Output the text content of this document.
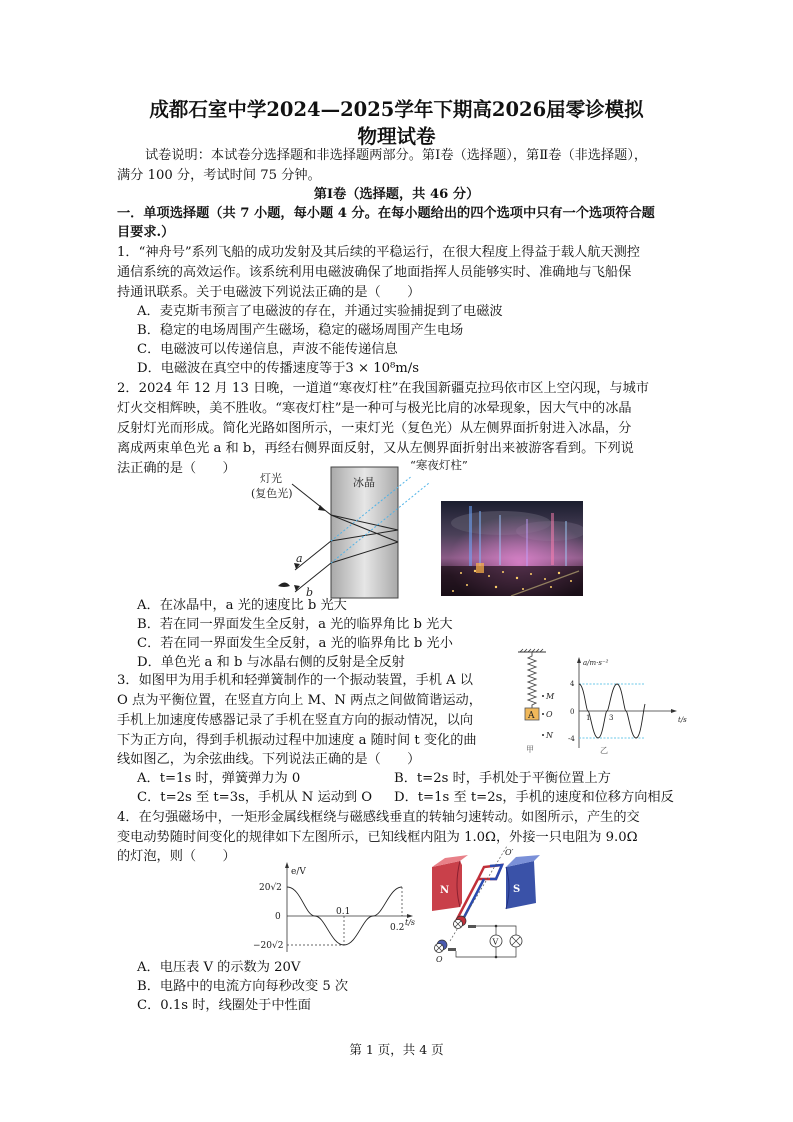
成都石室中学2024—2025学年下期高2026届零诊模拟
物理试卷
试卷说明：本试卷分选择题和非选择题两部分。第Ⅰ卷（选择题），第Ⅱ卷（非选择题），
满分 100 分，考试时间 75 分钟。
第Ⅰ卷（选择题，共 46 分）
一．单项选择题（共 7 小题，每小题 4 分。在每小题给出的四个选项中只有一个选项符合题
目要求.）
1．“神舟号”系列飞船的成功发射及其后续的平稳运行，在很大程度上得益于载人航天测控
通信系统的高效运作。该系统利用电磁波确保了地面指挥人员能够实时、准确地与飞船保
持通讯联系。关于电磁波下列说法正确的是（　　）
A．麦克斯韦预言了电磁波的存在，并通过实验捕捉到了电磁波
B．稳定的电场周围产生磁场，稳定的磁场周围产生电场
C．电磁波可以传递信息，声波不能传递信息
D．电磁波在真空中的传播速度等于3 × 10⁸m/s
2．2024 年 12 月 13 日晚，一道道“寒夜灯柱”在我国新疆克拉玛依市区上空闪现，与城市
灯火交相辉映，美不胜收。“寒夜灯柱”是一种可与极光比肩的冰晕现象，因大气中的冰晶
反射灯光而形成。简化光路如图所示，一束灯光（复色光）从左侧界面折射进入冰晶，分
离成两束单色光 a 和 b，再经右侧界面反射，又从左侧界面折射出来被游客看到。下列说
法正确的是（　　）
冰晶
灯光
(复色光)
a
b
“寒夜灯柱”
A．在冰晶中，a 光的速度比 b 光大
B．若在同一界面发生全反射，a 光的临界角比 b 光大
C．若在同一界面发生全反射，a 光的临界角比 b 光小
D．单色光 a 和 b 与冰晶右侧的反射是全反射
3．如图甲为用手机和轻弹簧制作的一个振动装置，手机 A 以
O 点为平衡位置，在竖直方向上 M、N 两点之间做简谐运动，
手机上加速度传感器记录了手机在竖直方向的振动情况，以向
下为正方向，得到手机振动过程中加速度 a 随时间 t 变化的曲
线如图乙，为余弦曲线。下列说法正确的是（　　）
A
M
O
N
甲
a/m·s⁻²
t/s
4
0
-4
1	3
乙
A．t=1s 时，弹簧弹力为 0	B．t=2s 时，手机处于平衡位置上方
C．t=2s 至 t=3s，手机从 N 运动到 O D．t=1s 至 t=2s，手机的速度和位移方向相反
4．在匀强磁场中，一矩形金属线框绕与磁感线垂直的转轴匀速转动。如图所示，产生的交
变电动势随时间变化的规律如下左图所示，已知线框内阻为 1.0Ω，外接一只电阻为 9.0Ω
的灯泡，则（　　）
e/V
t/s
20√2
0
−20√2
0.1
0.2
N	S
O′
O
V
A．电压表 V 的示数为 20V
B．电路中的电流方向每秒改变 5 次
C．0.1s 时，线圈处于中性面
第 1 页，共 4 页
